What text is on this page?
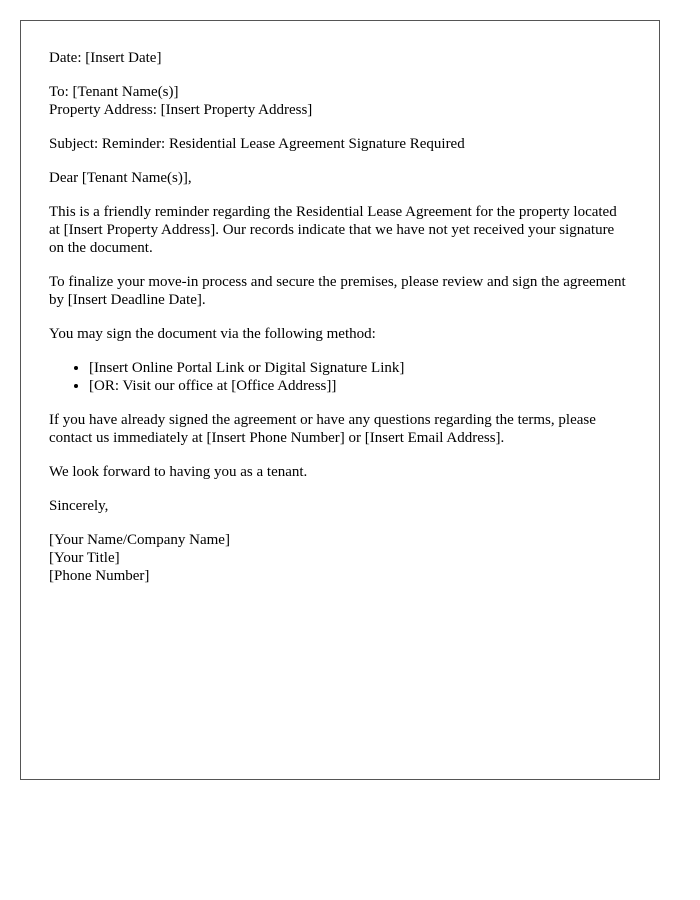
Date: [Insert Date]

To: [Tenant Name(s)]
Property Address: [Insert Property Address]

Subject: Reminder: Residential Lease Agreement Signature Required

Dear [Tenant Name(s)],

This is a friendly reminder regarding the Residential Lease Agreement for the property located at [Insert Property Address]. Our records indicate that we have not yet received your signature on the document.

To finalize your move-in process and secure the premises, please review and sign the agreement by [Insert Deadline Date].

You may sign the document via the following method:

• [Insert Online Portal Link or Digital Signature Link]
• [OR: Visit our office at [Office Address]]

If you have already signed the agreement or have any questions regarding the terms, please contact us immediately at [Insert Phone Number] or [Insert Email Address].

We look forward to having you as a tenant.

Sincerely,

[Your Name/Company Name]
[Your Title]
[Phone Number]
